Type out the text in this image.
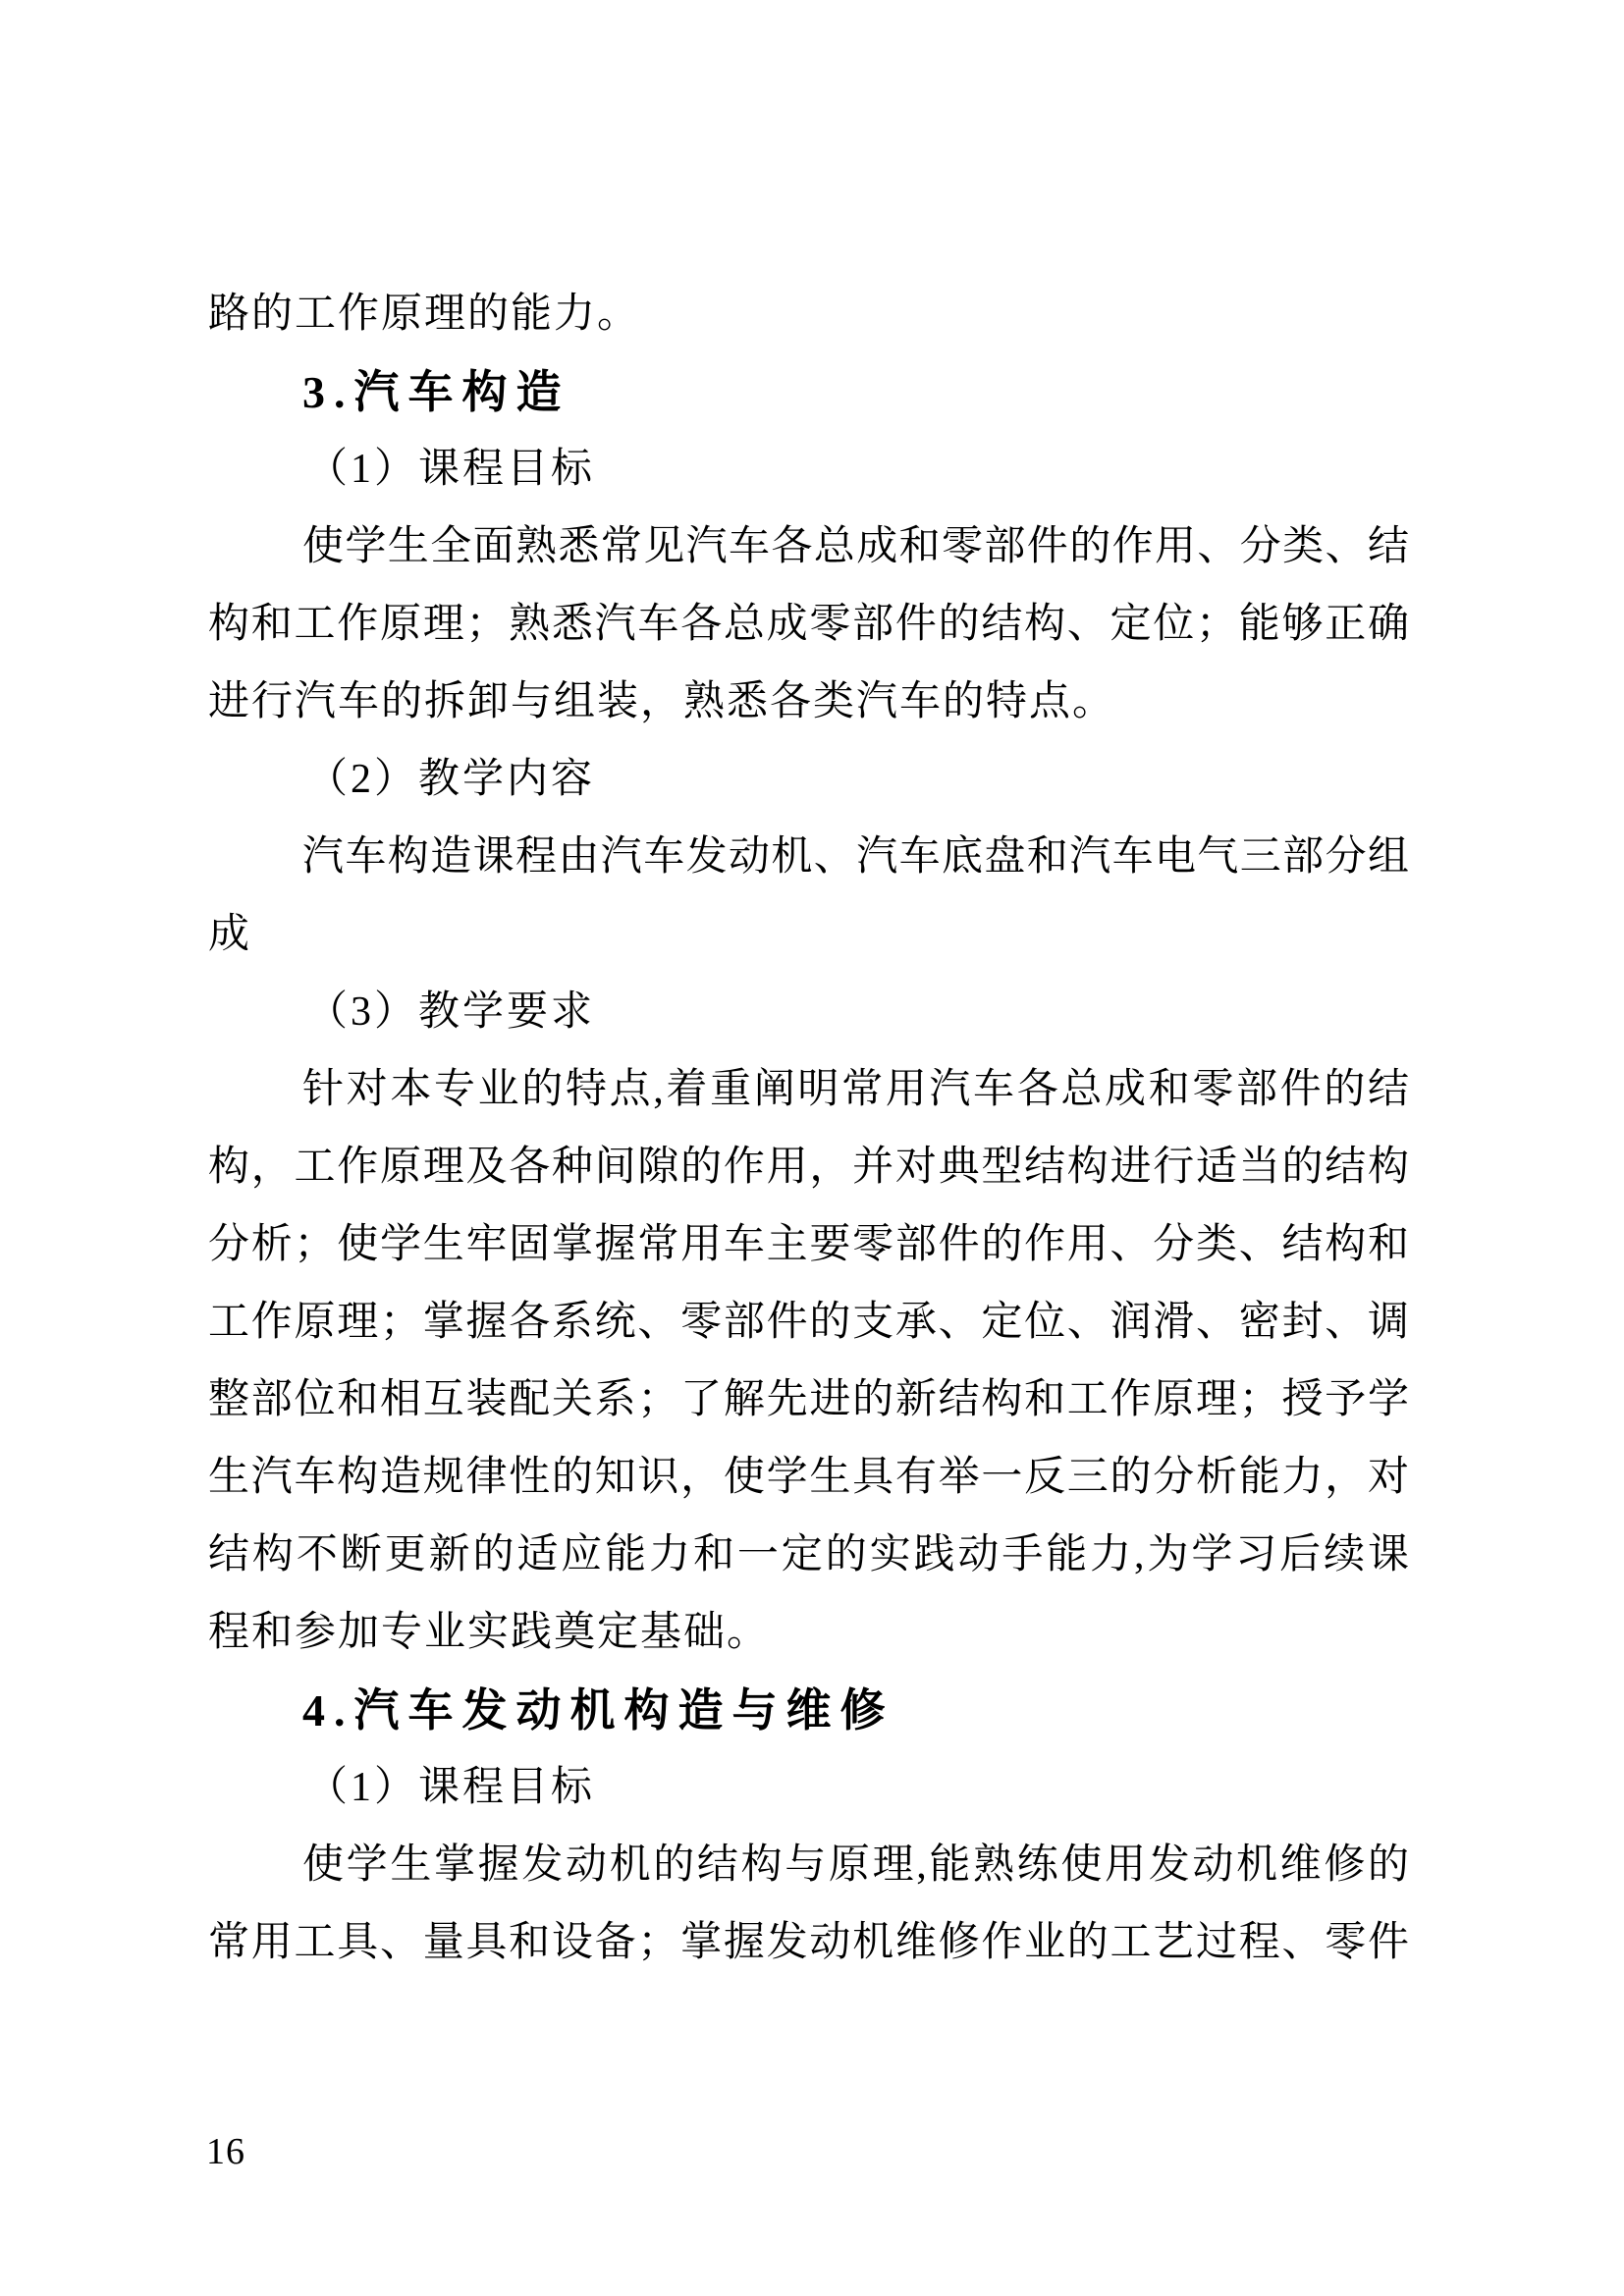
路的工作原理的能力。
3.汽车构造
（1）课程目标
使学生全面熟悉常见汽车各总成和零部件的作用、分类、结
构和工作原理；熟悉汽车各总成零部件的结构、定位；能够正确
进行汽车的拆卸与组装，熟悉各类汽车的特点。
（2）教学内容
汽车构造课程由汽车发动机、汽车底盘和汽车电气三部分组
成
（3）教学要求
针对本专业的特点,着重阐明常用汽车各总成和零部件的结
构，工作原理及各种间隙的作用，并对典型结构进行适当的结构
分析；使学生牢固掌握常用车主要零部件的作用、分类、结构和
工作原理；掌握各系统、零部件的支承、定位、润滑、密封、调
整部位和相互装配关系；了解先进的新结构和工作原理；授予学
生汽车构造规律性的知识，使学生具有举一反三的分析能力，对
结构不断更新的适应能力和一定的实践动手能力,为学习后续课
程和参加专业实践奠定基础。
4.汽车发动机构造与维修
（1）课程目标
使学生掌握发动机的结构与原理,能熟练使用发动机维修的
常用工具、量具和设备；掌握发动机维修作业的工艺过程、零件
16
